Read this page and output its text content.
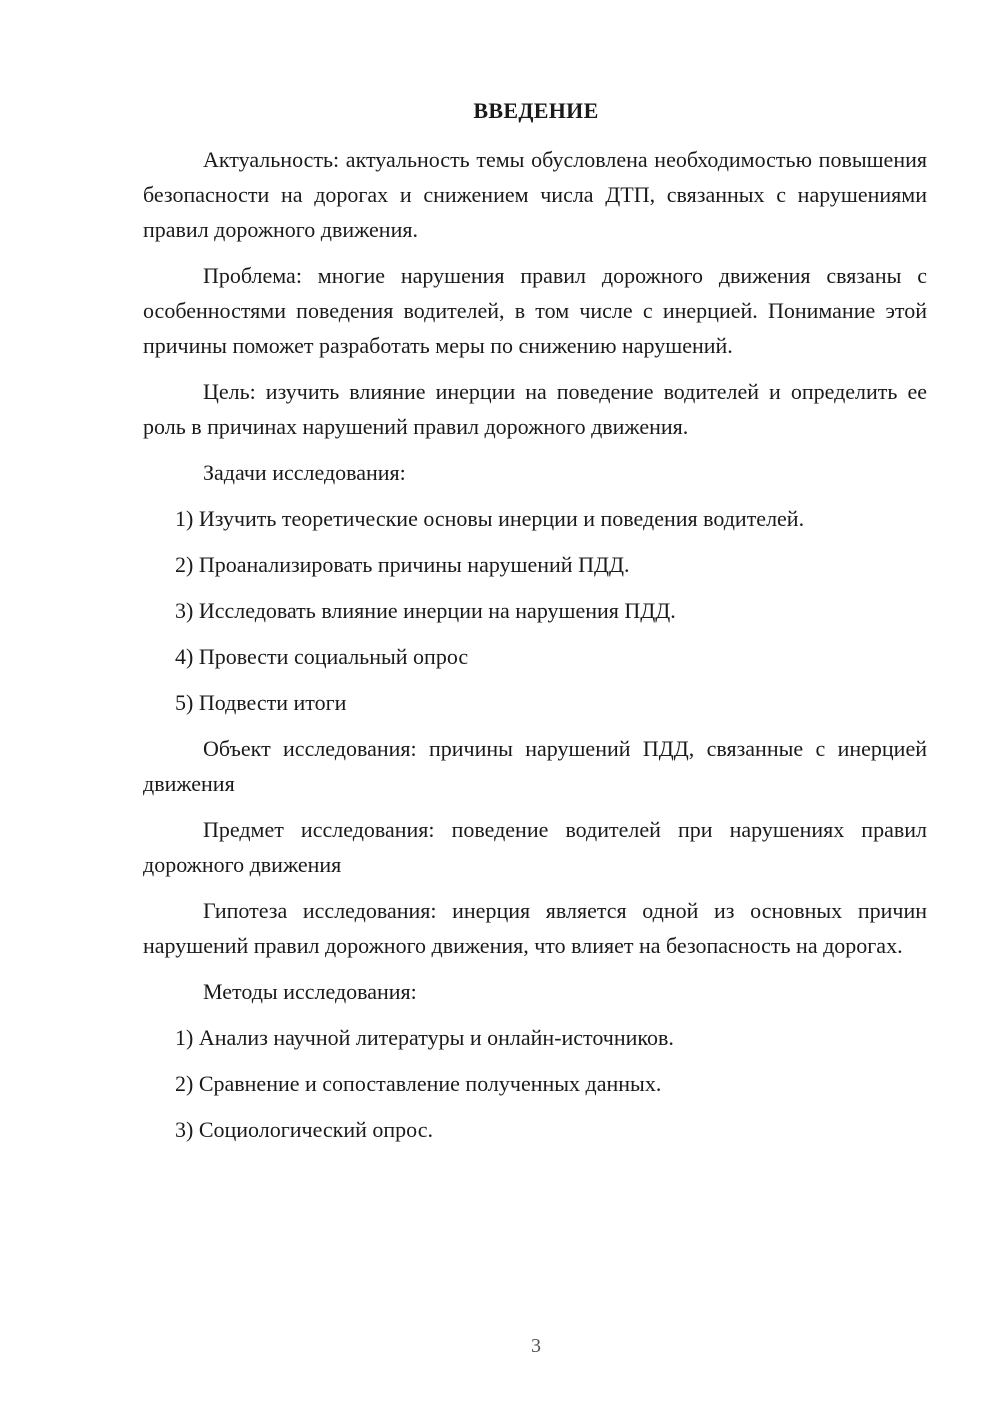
ВВЕДЕНИЕ

Актуальность: актуальность темы обусловлена необходимостью повышения безопасности на дорогах и снижением числа ДТП, связанных с нарушениями правил дорожного движения.

Проблема: многие нарушения правил дорожного движения связаны с особенностями поведения водителей, в том числе с инерцией. Понимание этой причины поможет разработать меры по снижению нарушений.

Цель: изучить влияние инерции на поведение водителей и определить ее роль в причинах нарушений правил дорожного движения.

Задачи исследования:

1) Изучить теоретические основы инерции и поведения водителей.

2) Проанализировать причины нарушений ПДД.

3) Исследовать влияние инерции на нарушения ПДД.

4) Провести социальный опрос

5) Подвести итоги

Объект исследования: причины нарушений ПДД, связанные с инерцией движения

Предмет исследования: поведение водителей при нарушениях правил дорожного движения

Гипотеза исследования: инерция является одной из основных причин нарушений правил дорожного движения, что влияет на безопасность на дорогах.

Методы исследования:

1) Анализ научной литературы и онлайн-источников.

2) Сравнение и сопоставление полученных данных.

3) Социологический опрос.

3
